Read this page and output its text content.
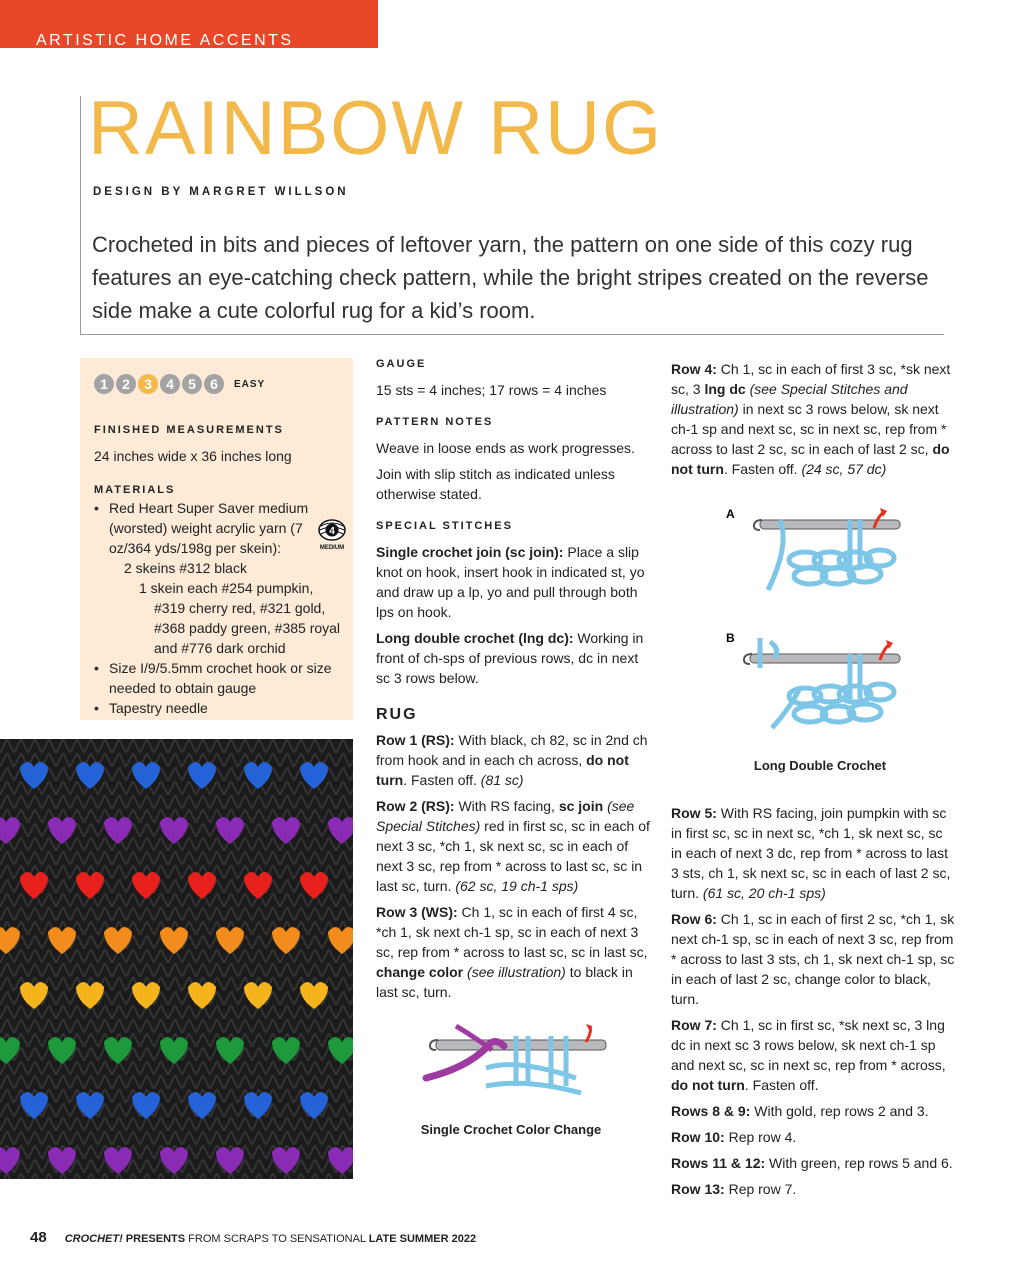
ARTISTIC HOME ACCENTS
RAINBOW RUG
DESIGN BY MARGRET WILLSON

Crocheted in bits and pieces of leftover yarn, the pattern on one side of this cozy rug features an eye-catching check pattern, while the bright stripes created on the reverse side make a cute colorful rug for a kid’s room.

1	2	3	4	5	6	EASY
FINISHED MEASUREMENTS
24 inches wide x 36 inches long
MATERIALS
• Red Heart Super Saver medium (worsted) weight acrylic yarn (7 oz/364 yds/198g per skein):
2 skeins #312 black
1 skein each #254 pumpkin, #319 cherry red, #321 gold, #368 paddy green, #385 royal and #776 dark orchid
• Size I/9/5.5mm crochet hook or size needed to obtain gauge
• Tapestry needle
4
MEDIUM
GAUGE
15 sts = 4 inches; 17 rows = 4 inches
PATTERN NOTES
Weave in loose ends as work progresses.
Join with slip stitch as indicated unless otherwise stated.
SPECIAL STITCHES
Single crochet join (sc join): Place a slip knot on hook, insert hook in indicated st, yo and draw up a lp, yo and pull through both lps on hook.
Long double crochet (lng dc): Working in front of ch-sps of previous rows, dc in next sc 3 rows below.
RUG
Row 1 (RS): With black, ch 82, sc in 2nd ch from hook and in each ch across, do not turn. Fasten off. (81 sc)
Row 2 (RS): With RS facing, sc join (see Special Stitches) red in first sc, sc in each of next 3 sc, *ch 1, sk next sc, sc in each of next 3 sc, rep from * across to last sc, sc in last sc, turn. (62 sc, 19 ch-1 sps)
Row 3 (WS): Ch 1, sc in each of first 4 sc, *ch 1, sk next ch-1 sp, sc in each of next 3 sc, rep from * across to last sc, sc in last sc, change color (see illustration) to black in last sc, turn.
Single Crochet Color Change
Row 4: Ch 1, sc in each of first 3 sc, *sk next sc, 3 lng dc (see Special Stitches and illustration) in next sc 3 rows below, sk next ch-1 sp and next sc, sc in next sc, rep from * across to last 2 sc, sc in each of last 2 sc, do not turn. Fasten off. (24 sc, 57 dc)
Row 5: With RS facing, join pumpkin with sc in first sc, sc in next sc, *ch 1, sk next sc, sc in each of next 3 dc, rep from * across to last 3 sts, ch 1, sk next sc, sc in each of last 2 sc, turn. (61 sc, 20 ch-1 sps)
Row 6: Ch 1, sc in each of first 2 sc, *ch 1, sk next ch-1 sp, sc in each of next 3 sc, rep from * across to last 3 sts, ch 1, sk next ch-1 sp, sc in each of last 2 sc, change color to black, turn.
Row 7: Ch 1, sc in first sc, *sk next sc, 3 lng dc in next sc 3 rows below, sk next ch-1 sp and next sc, sc in next sc, rep from * across, do not turn. Fasten off.
Rows 8 & 9: With gold, rep rows 2 and 3.
Row 10: Rep row 4.
Rows 11 & 12: With green, rep rows 5 and 6.
Row 13: Rep row 7.
A
B
Long Double Crochet
48 CROCHET! PRESENTS FROM SCRAPS TO SENSATIONAL LATE SUMMER 2022
